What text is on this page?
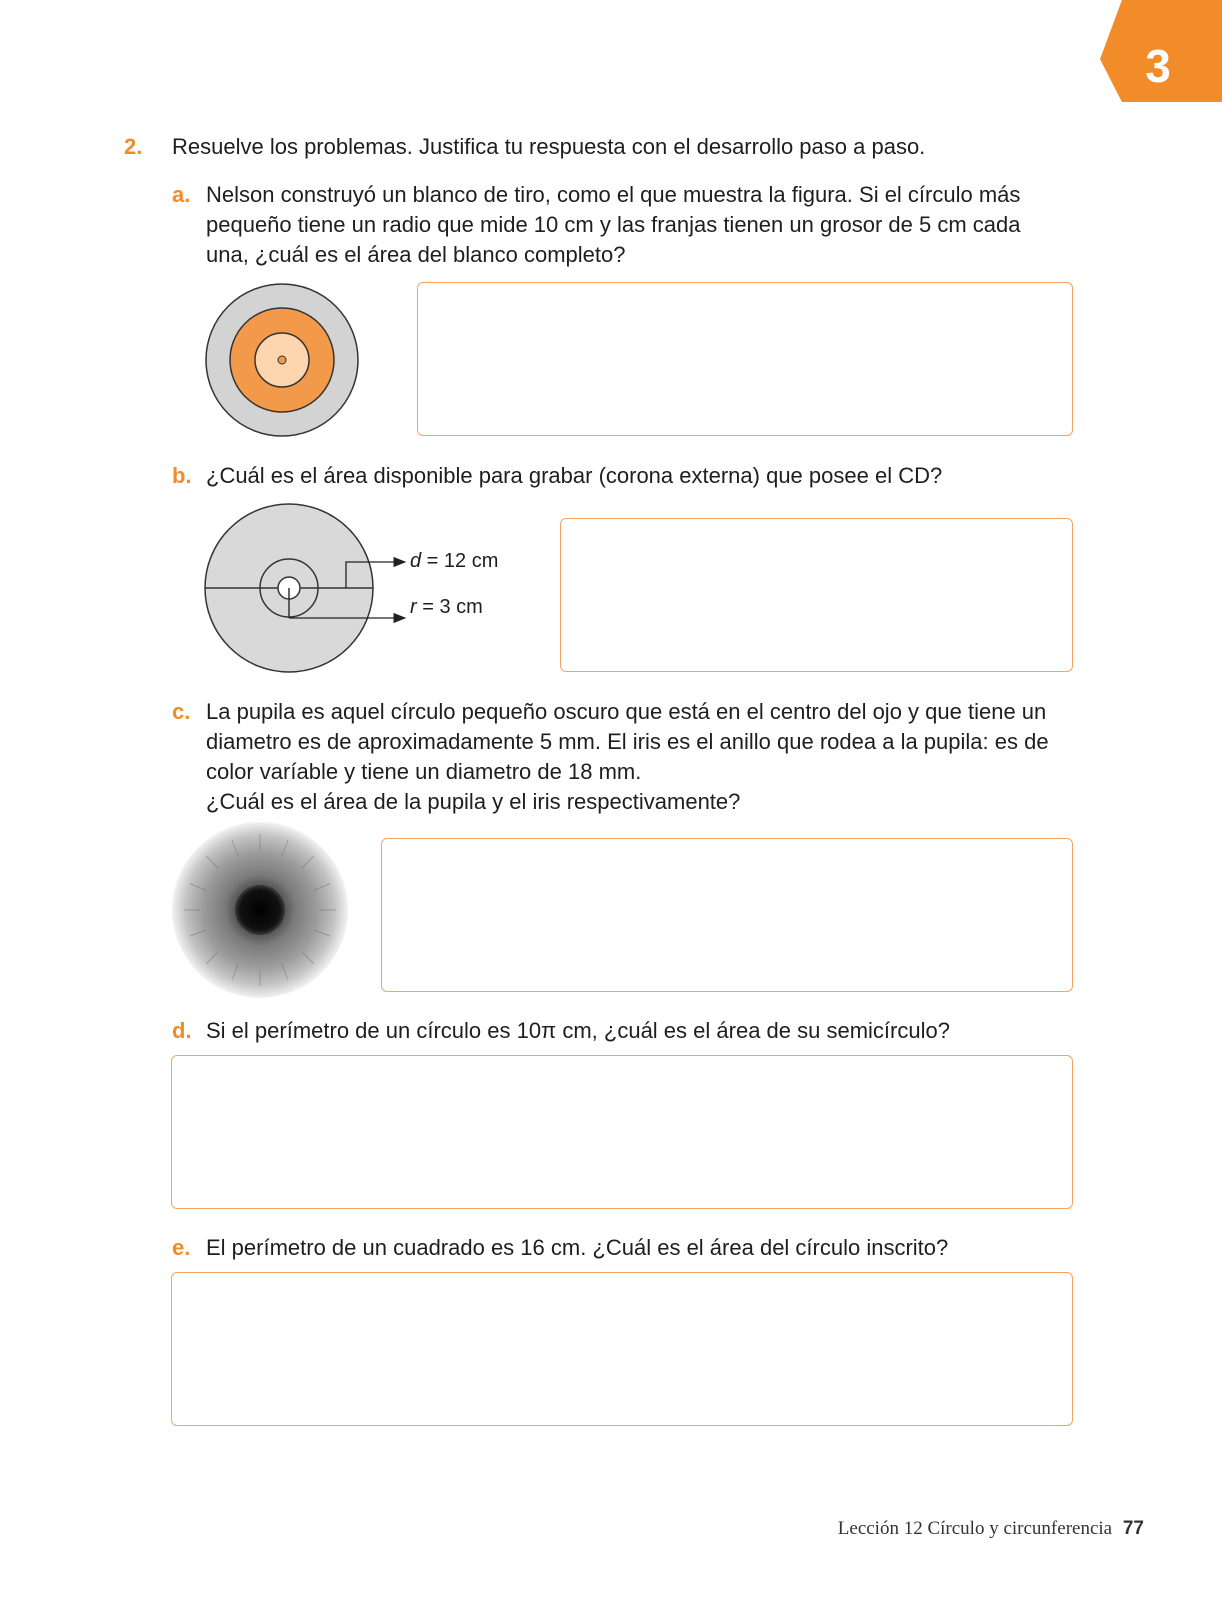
3
2. Resuelve los problemas. Justifica tu respuesta con el desarrollo paso a paso.
a. Nelson construyó un blanco de tiro, como el que muestra la figura. Si el círculo más
pequeño tiene un radio que mide 10 cm y las franjas tienen un grosor de 5 cm cada
una, ¿cuál es el área del blanco completo?
b. ¿Cuál es el área disponible para grabar (corona externa) que posee el CD?
d = 12 cm
r = 3 cm
c. La pupila es aquel círculo pequeño oscuro que está en el centro del ojo y que tiene un
diametro es de aproximadamente 5 mm. El iris es el anillo que rodea a la pupila: es de
color varíable y tiene un diametro de 18 mm.
¿Cuál es el área de la pupila y el iris respectivamente?
d. Si el perímetro de un círculo es 10π cm, ¿cuál es el área de su semicírculo?
e. El perímetro de un cuadrado es 16 cm. ¿Cuál es el área del círculo inscrito?
Lección 12 Círculo y circunferencia 77
